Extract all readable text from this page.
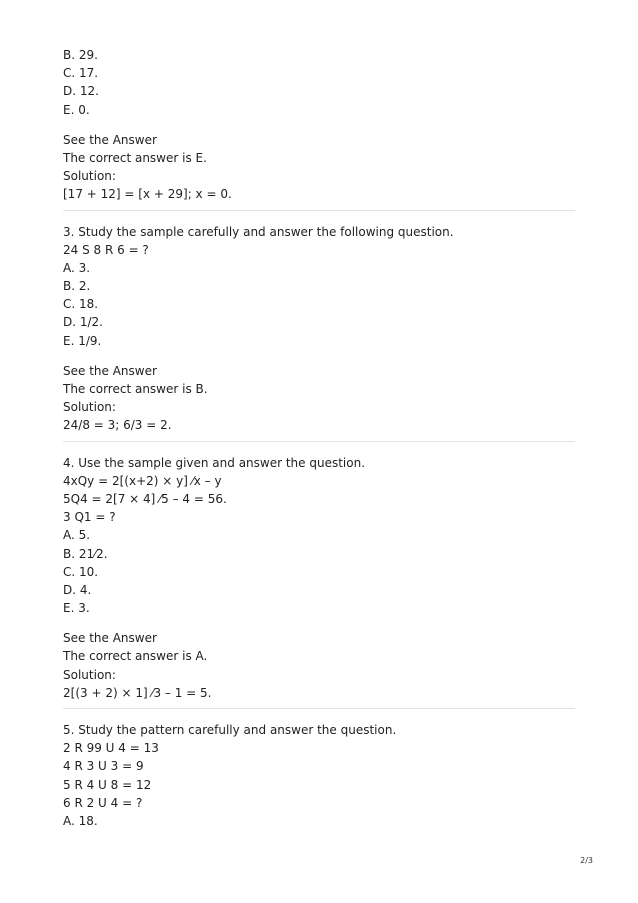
B. 29.
C. 17.
D. 12.
E. 0.
See the Answer
The correct answer is E.
Solution:
[17 + 12] = [x + 29]; x = 0.
3. Study the sample carefully and answer the following question.
24 S 8 R 6 = ?
A. 3.
B. 2.
C. 18.
D. 1/2.
E. 1/9.
See the Answer
The correct answer is B.
Solution:
24/8 = 3; 6/3 = 2.
4. Use the sample given and answer the question.
4xQy = 2[(x+2) × y] ⁄x – y
5Q4 = 2[7 × 4] ⁄5 – 4 = 56.
3 Q1 = ?
A. 5.
B. 21⁄2.
C. 10.
D. 4.
E. 3.
See the Answer
The correct answer is A.
Solution:
2[(3 + 2) × 1] ⁄3 – 1 = 5.
5. Study the pattern carefully and answer the question.
2 R 99 U 4 = 13
4 R 3 U 3 = 9
5 R 4 U 8 = 12
6 R 2 U 4 = ?
A. 18.
2/3
